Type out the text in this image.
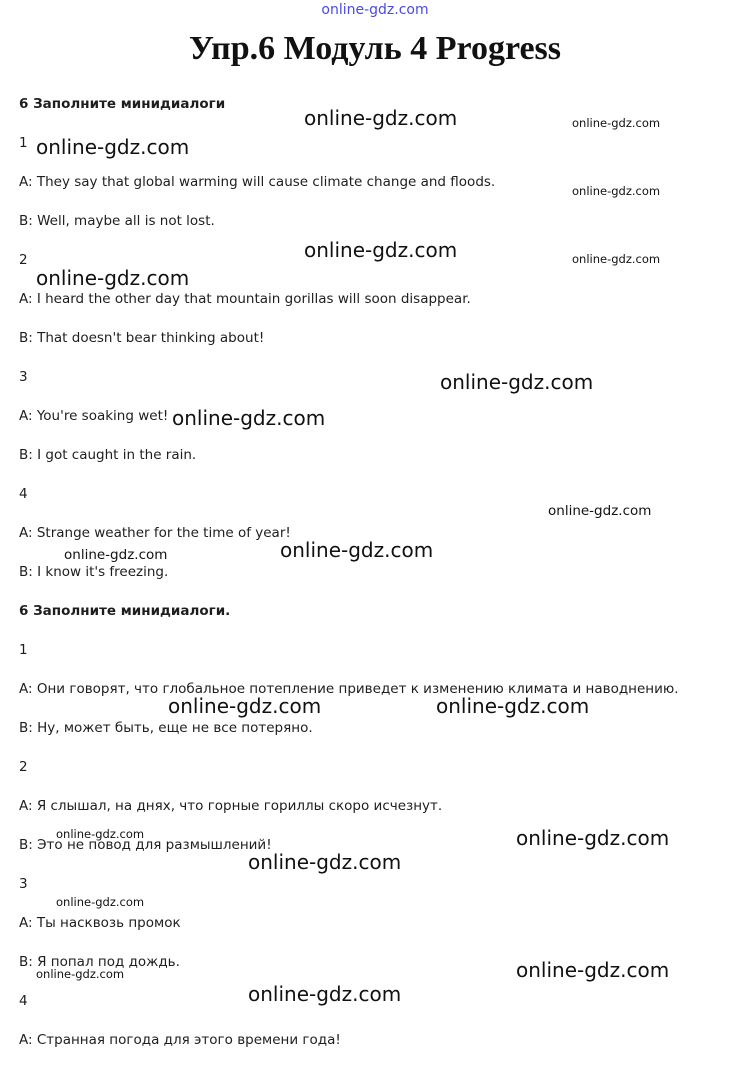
online-gdz.com
Упр.6 Модуль 4 Progress
6 Заполните минидиалоги
1
A: They say that global warming will cause climate change and floods.
B: Well, maybe all is not lost.
2
A: I heard the other day that mountain gorillas will soon disappear.
B: That doesn't bear thinking about!
3
A: You're soaking wet!
B: I got caught in the rain.
4
A: Strange weather for the time of year!
B: I know it's freezing.
6 Заполните минидиалоги.
1
A: Они говорят, что глобальное потепление приведет к изменению климата и наводнению.
B: Ну, может быть, еще не все потеряно.
2
A: Я слышал, на днях, что горные гориллы скоро исчезнут.
B: Это не повод для размышлений!
3
A: Ты насквозь промок
B: Я попал под дождь.
4
A: Странная погода для этого времени года!
online-gdz.com	online-gdz.com
online-gdz.com
online-gdz.com
online-gdz.com	online-gdz.com
online-gdz.com
online-gdz.com
online-gdz.com
online-gdz.com
online-gdz.com
online-gdz.com
online-gdz.com	online-gdz.com
online-gdz.com	online-gdz.com
online-gdz.com
online-gdz.com
online-gdz.com
online-gdz.com
online-gdz.com
